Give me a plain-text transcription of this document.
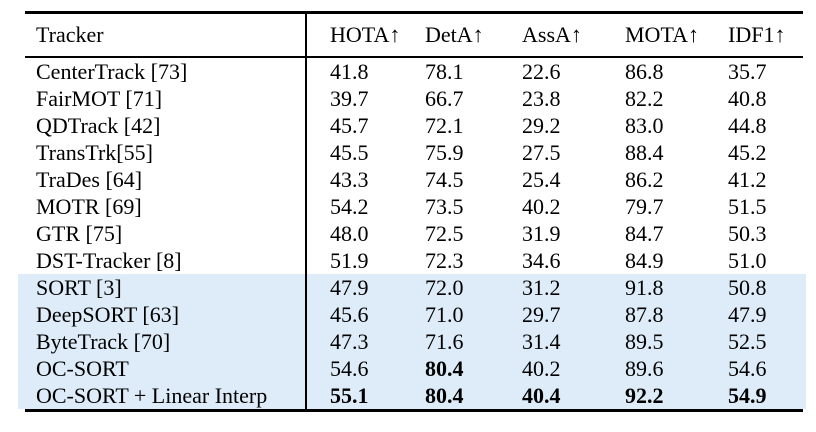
Tracker	HOTA↑	DetA↑	AssA↑	MOTA↑	IDF1↑
CenterTrack [73]	41.8	78.1	22.6	86.8	35.7
FairMOT [71]	39.7	66.7	23.8	82.2	40.8
QDTrack [42]	45.7	72.1	29.2	83.0	44.8
TransTrk[55]	45.5	75.9	27.5	88.4	45.2
TraDes [64]	43.3	74.5	25.4	86.2	41.2
MOTR [69]	54.2	73.5	40.2	79.7	51.5
GTR [75]	48.0	72.5	31.9	84.7	50.3
DST-Tracker [8]	51.9	72.3	34.6	84.9	51.0
SORT [3]	47.9	72.0	31.2	91.8	50.8
DeepSORT [63]	45.6	71.0	29.7	87.8	47.9
ByteTrack [70]	47.3	71.6	31.4	89.5	52.5
OC-SORT	54.6	80.4	40.2	89.6	54.6
OC-SORT + Linear Interp	55.1	80.4	40.4	92.2	54.9
